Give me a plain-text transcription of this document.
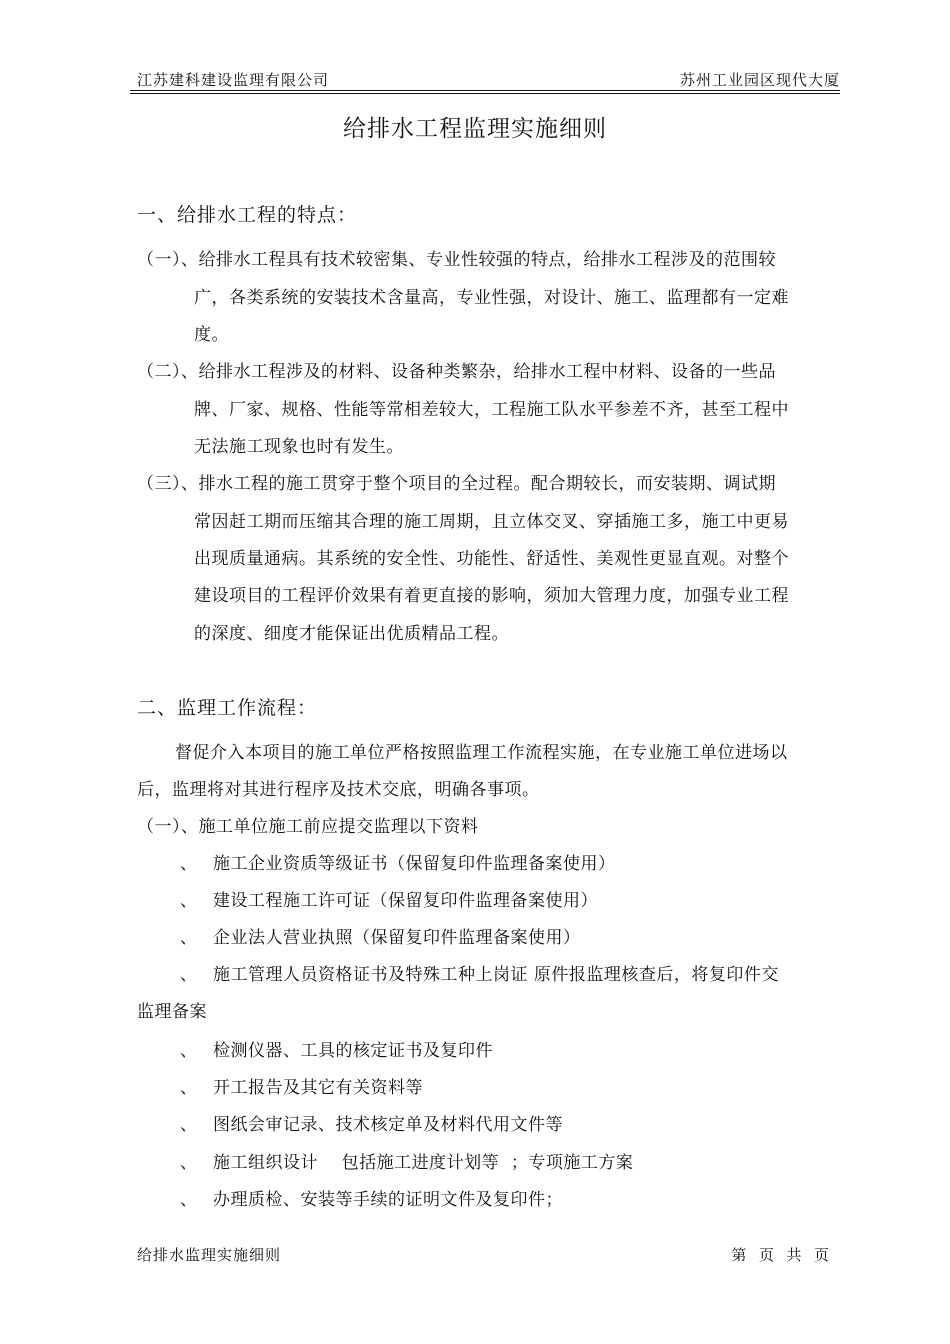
江苏建科建设监理有限公司	苏州工业园区现代大厦
给排水工程监理实施细则
一、给排水工程的特点：
（一）、给排水工程具有技术较密集、专业性较强的特点，给排水工程涉及的范围较
广，各类系统的安装技术含量高，专业性强，对设计、施工、监理都有一定难
度。
（二）、给排水工程涉及的材料、设备种类繁杂，给排水工程中材料、设备的一些品
牌、厂家、规格、性能等常相差较大，工程施工队水平参差不齐，甚至工程中
无法施工现象也时有发生。
（三）、排水工程的施工贯穿于整个项目的全过程。配合期较长，而安装期、调试期
常因赶工期而压缩其合理的施工周期，且立体交叉、穿插施工多，施工中更易
出现质量通病。其系统的安全性、功能性、舒适性、美观性更显直观。对整个
建设项目的工程评价效果有着更直接的影响，须加大管理力度，加强专业工程
的深度、细度才能保证出优质精品工程。
二、监理工作流程：
督促介入本项目的施工单位严格按照监理工作流程实施，在专业施工单位进场以
后，监理将对其进行程序及技术交底，明确各事项。
（一）、施工单位施工前应提交监理以下资料
、 施工企业资质等级证书（保留复印件监理备案使用）
、 建设工程施工许可证（保留复印件监理备案使用）
、 企业法人营业执照（保留复印件监理备案使用）
、 施工管理人员资格证书及特殊工种上岗证 原件报监理核查后，将复印件交
监理备案
、 检测仪器、工具的核定证书及复印件
、 开工报告及其它有关资料等
、 图纸会审记录、技术核定单及材料代用文件等
、 施工组织设计    包括施工进度计划等  ；专项施工方案
、 办理质检、安装等手续的证明文件及复印件；
给排水监理实施细则	第  页  共  页
